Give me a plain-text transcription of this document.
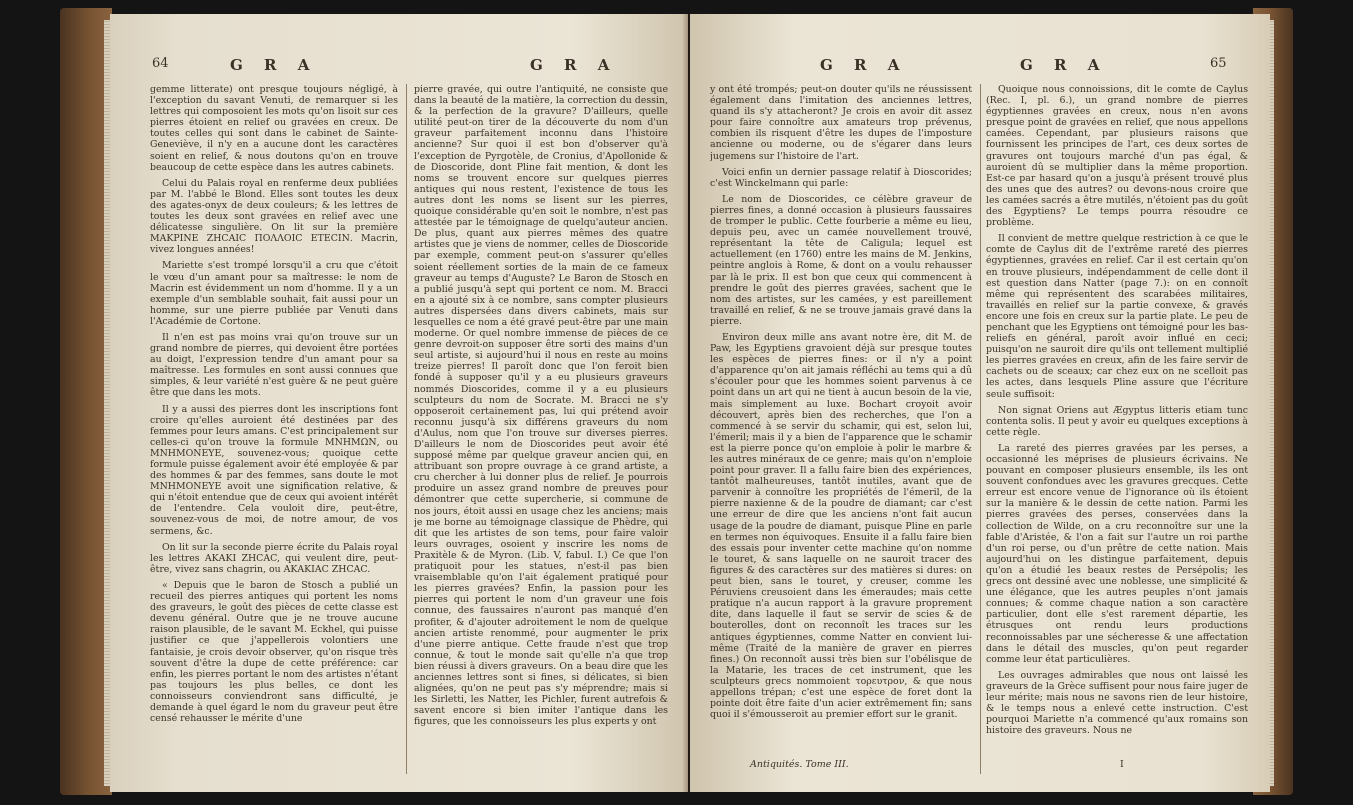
64	G R A	G R A

gemme litterate) ont presque toujours négligé, à l'exception du savant Venuti, de remarquer si les lettres qui composoient les mots qu'on lisoit sur ces pierres étoient en relief ou gravées en creux. De toutes celles qui sont dans le cabinet de Sainte-Geneviève, il n'y en a aucune dont les caractères soient en relief, & nous doutons qu'on en trouve beaucoup de cette espèce dans les autres cabinets.

Celui du Palais royal en renferme deux publiées par M. l'abbé le Blond. Elles sont toutes les deux des agates-onyx de deux couleurs; & les lettres de toutes les deux sont gravées en relief avec une délicatesse singulière. On lit sur la première ΜΑΚΡΙΝΕ ΖΗCΑΙC ΠΟΛΛΟΙC ΕΤΕCΙΝ. Macrin, vivez longues années!

Mariette s'est trompé lorsqu'il a cru que c'étoit le vœu d'un amant pour sa maîtresse: le nom de Macrin est évidemment un nom d'homme. Il y a un exemple d'un semblable souhait, fait aussi pour un homme, sur une pierre publiée par Venuti dans l'Académie de Cortone.

Il n'en est pas moins vrai qu'on trouve sur un grand nombre de pierres, qui devoient être portées au doigt, l'expression tendre d'un amant pour sa maîtresse. Les formules en sont aussi connues que simples, & leur variété n'est guère & ne peut guère être que dans les mots.

Il y a aussi des pierres dont les inscriptions font croire qu'elles auroient été destinées par des femmes pour leurs amans. C'est principalement sur celles-ci qu'on trouve la formule ΜΝΗΜΩΝ, ou ΜΝΗΜΟΝΕΥΕ, souvenez-vous; quoique cette formule puisse également avoir été employée & par des hommes & par des femmes, sans doute le mot ΜΝΗΜΟΝΕΥΕ avoit une signification relative, & qui n'étoit entendue que de ceux qui avoient intérêt de l'entendre. Cela vouloit dire, peut-être, souvenez-vous de moi, de notre amour, de vos sermens, &c.

On lit sur la seconde pierre écrite du Palais royal les lettres ΑΚΑΚΙ ΖΗCΑC, qui veulent dire, peut-être, vivez sans chagrin, ou ΑΚΑΚΙΑC ΖΗCΑC.

« Depuis que le baron de Stosch a publié un recueil des pierres antiques qui portent les noms des graveurs, le goût des pièces de cette classe est devenu général. Outre que je ne trouve aucune raison plausible, de le savant M. Eckhel, qui puisse justifier ce que j'appellerois volontiers une fantaisie, je crois devoir observer, qu'on risque très souvent d'être la dupe de cette préférence: car enfin, les pierres portant le nom des artistes n'étant pas toujours les plus belles, ce dont les connoisseurs conviendront sans difficulté, je demande à quel égard le nom du graveur peut être censé rehausser le mérite d'une

pierre gravée, qui outre l'antiquité, ne consiste que dans la beauté de la matière, la correction du dessin, & la perfection de la gravure? D'ailleurs, quelle utilité peut-on tirer de la découverte du nom d'un graveur parfaitement inconnu dans l'histoire ancienne? Sur quoi il est bon d'observer qu'à l'exception de Pyrgotèle, de Cronius, d'Apollonide & de Dioscoride, dont Pline fait mention, & dont les noms se trouvent encore sur quelques pierres antiques qui nous restent, l'existence de tous les autres dont les noms se lisent sur les pierres, quoique considérable qu'en soit le nombre, n'est pas attestée par le témoignage de quelqu'auteur ancien. De plus, quant aux pierres mêmes des quatre artistes que je viens de nommer, celles de Dioscoride par exemple, comment peut-on s'assurer qu'elles soient réellement sorties de la main de ce fameux graveur au temps d'Auguste? Le Baron de Stosch en a publié jusqu'à sept qui portent ce nom. M. Bracci en a ajouté six à ce nombre, sans compter plusieurs autres dispersées dans divers cabinets, mais sur lesquelles ce nom a été gravé peut-être par une main moderne. Or quel nombre immense de pièces de ce genre devroit-on supposer être sorti des mains d'un seul artiste, si aujourd'hui il nous en reste au moins treize pierres! Il paroît donc que l'on feroit bien fondé à supposer qu'il y a eu plusieurs graveurs nommés Dioscorides, comme il y a eu plusieurs sculpteurs du nom de Socrate. M. Bracci ne s'y opposeroit certainement pas, lui qui prétend avoir reconnu jusqu'à six différens graveurs du nom d'Aulus, nom que l'on trouve sur diverses pierres. D'ailleurs le nom de Dioscorides peut avoir été supposé même par quelque graveur ancien qui, en attribuant son propre ouvrage à ce grand artiste, a cru chercher à lui donner plus de relief. Je pourrois produire un assez grand nombre de preuves pour démontrer que cette supercherie, si commune de nos jours, étoit aussi en usage chez les anciens; mais je me borne au témoignage classique de Phèdre, qui dit que les artistes de son tems, pour faire valoir leurs ouvrages, osoient y inscrire les noms de Praxitèle & de Myron. (Lib. V, fabul. I.) Ce que l'on pratiquoit pour les statues, n'est-il pas bien vraisemblable qu'on l'ait également pratiqué pour les pierres gravées? Enfin, la passion pour les pierres qui portent le nom d'un graveur une fois connue, des faussaires n'auront pas manqué d'en profiter, & d'ajouter adroitement le nom de quelque ancien artiste renommé, pour augmenter le prix d'une pierre antique. Cette fraude n'est que trop connue, & tout le monde sait qu'elle n'a que trop bien réussi à divers graveurs. On a beau dire que les anciennes lettres sont si fines, si délicates, si bien alignées, qu'on ne peut pas s'y méprendre; mais si les Sirletti, les Natter, les Pichler, furent autrefois & savent encore si bien imiter l'antique dans les figures, que les connoisseurs les plus experts y ont

G R A	G R A	65

y ont été trompés; peut-on douter qu'ils ne réussissent également dans l'imitation des anciennes lettres, quand ils s'y attacheront? Je crois en avoir dit assez pour faire connoître aux amateurs trop prévenus, combien ils risquent d'être les dupes de l'imposture ancienne ou moderne, ou de s'égarer dans leurs jugemens sur l'histoire de l'art.

Voici enfin un dernier passage relatif à Dioscorides; c'est Winckelmann qui parle:

Le nom de Dioscorides, ce célèbre graveur de pierres fines, a donné occasion à plusieurs faussaires de tromper le public. Cette fourberie a même eu lieu, depuis peu, avec un camée nouvellement trouvé, représentant la tête de Caligula; lequel est actuellement (en 1760) entre les mains de M. Jenkins, peintre anglois à Rome, & dont on a voulu rehausser par là le prix. Il est bon que ceux qui commencent à prendre le goût des pierres gravées, sachent que le nom des artistes, sur les camées, y est pareillement travaillé en relief, & ne se trouve jamais gravé dans la pierre.

Environ deux mille ans avant notre ère, dit M. de Paw, les Egyptiens gravoient déjà sur presque toutes les espèces de pierres fines: or il n'y a point d'apparence qu'on ait jamais réfléchi au tems qui a dû s'écouler pour que les hommes soient parvenus à ce point dans un art qui ne tient à aucun besoin de la vie, mais simplement au luxe. Bochart croyoit avoir découvert, après bien des recherches, que l'on a commencé à se servir du schamir, qui est, selon lui, l'émeril; mais il y a bien de l'apparence que le schamir est la pierre ponce qu'on emploie à polir le marbre & les autres minéraux de ce genre; mais qu'on n'emploie point pour graver. Il a fallu faire bien des expériences, tantôt malheureuses, tantôt inutiles, avant que de parvenir à connoître les propriétés de l'émeril, de la pierre naxienne & de la poudre de diamant; car c'est une erreur de dire que les anciens n'ont fait aucun usage de la poudre de diamant, puisque Pline en parle en termes non équivoques. Ensuite il a fallu faire bien des essais pour inventer cette machine qu'on nomme le touret, & sans laquelle on ne sauroit tracer des figures & des caractères sur des matières si dures: on peut bien, sans le touret, y creuser, comme les Péruviens creusoient dans les émeraudes; mais cette pratique n'a aucun rapport à la gravure proprement dite, dans laquelle il faut se servir de scies & de bouterolles, dont on reconnoît les traces sur les antiques égyptiennes, comme Natter en convient lui-même (Traité de la manière de graver en pierres fines.) On reconnoît aussi très bien sur l'obélisque de la Matarie, les traces de cet instrument, que les sculpteurs grecs nommoient τορευτρον, & que nous appellons trépan; c'est une espèce de foret dont la pointe doit être faite d'un acier extrêmement fin; sans quoi il s'émousseroit au premier effort sur le granit.

Quoique nous connoissions, dit le comte de Caylus (Rec. I, pl. 6.), un grand nombre de pierres égyptiennes gravées en creux, nous n'en avons presque point de gravées en relief, que nous appellons camées. Cependant, par plusieurs raisons que fournissent les principes de l'art, ces deux sortes de gravures ont toujours marché d'un pas égal, & auroient dû se multiplier dans la même proportion. Est-ce par hasard qu'on a jusqu'à présent trouvé plus des unes que des autres? ou devons-nous croire que les camées sacrés a être mutilés, n'étoient pas du goût des Egyptiens? Le temps pourra résoudre ce problème.

Il convient de mettre quelque restriction à ce que le comte de Caylus dit de l'extrême rareté des pierres égyptiennes, gravées en relief. Car il est certain qu'on en trouve plusieurs, indépendamment de celle dont il est question dans Natter (page 7.): on en connoît même qui représentent des scarabées militaires, travaillés en relief sur la partie convexe, & gravés encore une fois en creux sur la partie plate. Le peu de penchant que les Egyptiens ont témoigné pour les bas-reliefs en général, paroît avoir influé en ceci; puisqu'on ne sauroit dire qu'ils ont tellement multiplié les pierres gravées en creux, afin de les faire servir de cachets ou de sceaux; car chez eux on ne scelloit pas les actes, dans lesquels Pline assure que l'écriture seule suffisoit:

Non signat Oriens aut Ægyptus litteris etiam tunc contenta solis. Il peut y avoir eu quelques exceptions à cette règle.

La rareté des pierres gravées par les perses, a occasionné les méprises de plusieurs écrivains. Ne pouvant en composer plusieurs ensemble, ils les ont souvent confondues avec les gravures grecques. Cette erreur est encore venue de l'ignorance où ils étoient sur la manière & le dessin de cette nation. Parmi les pierres gravées des perses, conservées dans la collection de Wilde, on a cru reconnoître sur une la fable d'Aristée, & l'on a fait sur l'autre un roi parthe d'un roi perse, ou d'un prêtre de cette nation. Mais aujourd'hui on les distingue parfaitement, depuis qu'on a étudié les beaux restes de Persépolis; les grecs ont dessiné avec une noblesse, une simplicité & une élégance, que les autres peuples n'ont jamais connues; & comme chaque nation a son caractère particulier, dont elle s'est rarement départie, les étrusques ont rendu leurs productions reconnoissables par une sécheresse & une affectation dans le détail des muscles, qu'on peut regarder comme leur état particulières.

Les ouvrages admirables que nous ont laissé les graveurs de la Grèce suffisent pour nous faire juger de leur mérite; mais nous ne savons rien de leur histoire, & le temps nous a enlevé cette instruction. C'est pourquoi Mariette n'a commencé qu'aux romains son histoire des graveurs. Nous ne

Antiquités. Tome III.	I
